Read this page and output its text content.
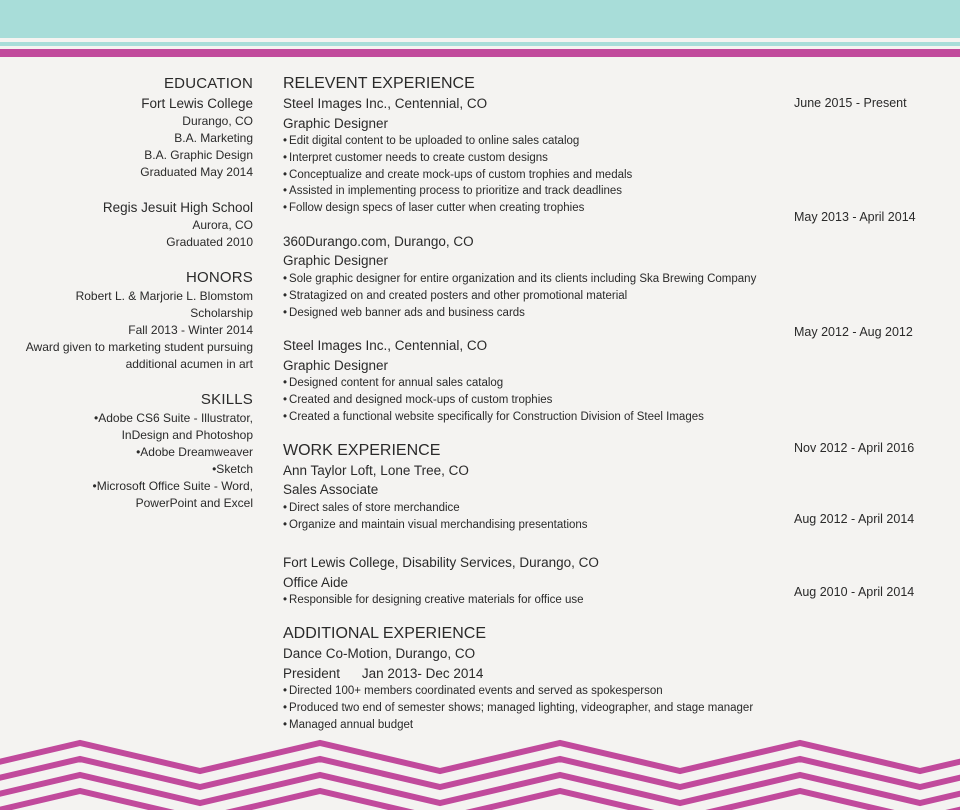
EDUCATION
Fort Lewis College
Durango, CO
B.A. Marketing
B.A. Graphic Design
Graduated May 2014
Regis Jesuit High School
Aurora, CO
Graduated 2010
HONORS
Robert L. & Marjorie L. Blomstom Scholarship
Fall 2013 - Winter 2014
Award given to marketing student pursuing
additional acumen in art
SKILLS
•Adobe CS6 Suite - Illustrator,
InDesign and Photoshop
•Adobe Dreamweaver
•Sketch
•Microsoft Office Suite - Word,
PowerPoint and Excel
RELEVENT EXPERIENCE
Steel Images Inc., Centennial, CO
Graphic Designer
• Edit digital content to be uploaded to online sales catalog
• Interpret customer needs to create custom designs
• Conceptualize and create mock-ups of custom trophies and medals
• Assisted in implementing process to prioritize and track deadlines
• Follow design specs of laser cutter when creating trophies
360Durango.com, Durango, CO
Graphic Designer
• Sole graphic designer for entire organization and its clients including Ska Brewing Company
• Stratagized on and created posters and other promotional material
• Designed web banner ads and business cards
Steel Images Inc., Centennial, CO
Graphic Designer
• Designed content for annual sales catalog
• Created and designed mock-ups of custom trophies
• Created a functional website specifically for Construction Division of Steel Images
WORK EXPERIENCE
Ann Taylor Loft, Lone Tree, CO
Sales Associate
• Direct sales of store merchandice
• Organize and maintain visual merchandising presentations
Fort Lewis College, Disability Services, Durango, CO
Office Aide
• Responsible for designing creative materials for office use
ADDITIONAL EXPERIENCE
Dance Co-Motion, Durango, CO
President Jan 2013- Dec 2014
• Directed 100+ members coordinated events and served as spokesperson
• Produced two end of semester shows; managed lighting, videographer, and stage manager
• Managed annual budget
June 2015 - Present
May 2013 - April 2014
May 2012 - Aug 2012
Nov 2012 - April 2016
Aug 2012 - April 2014
Aug 2010 - April 2014
